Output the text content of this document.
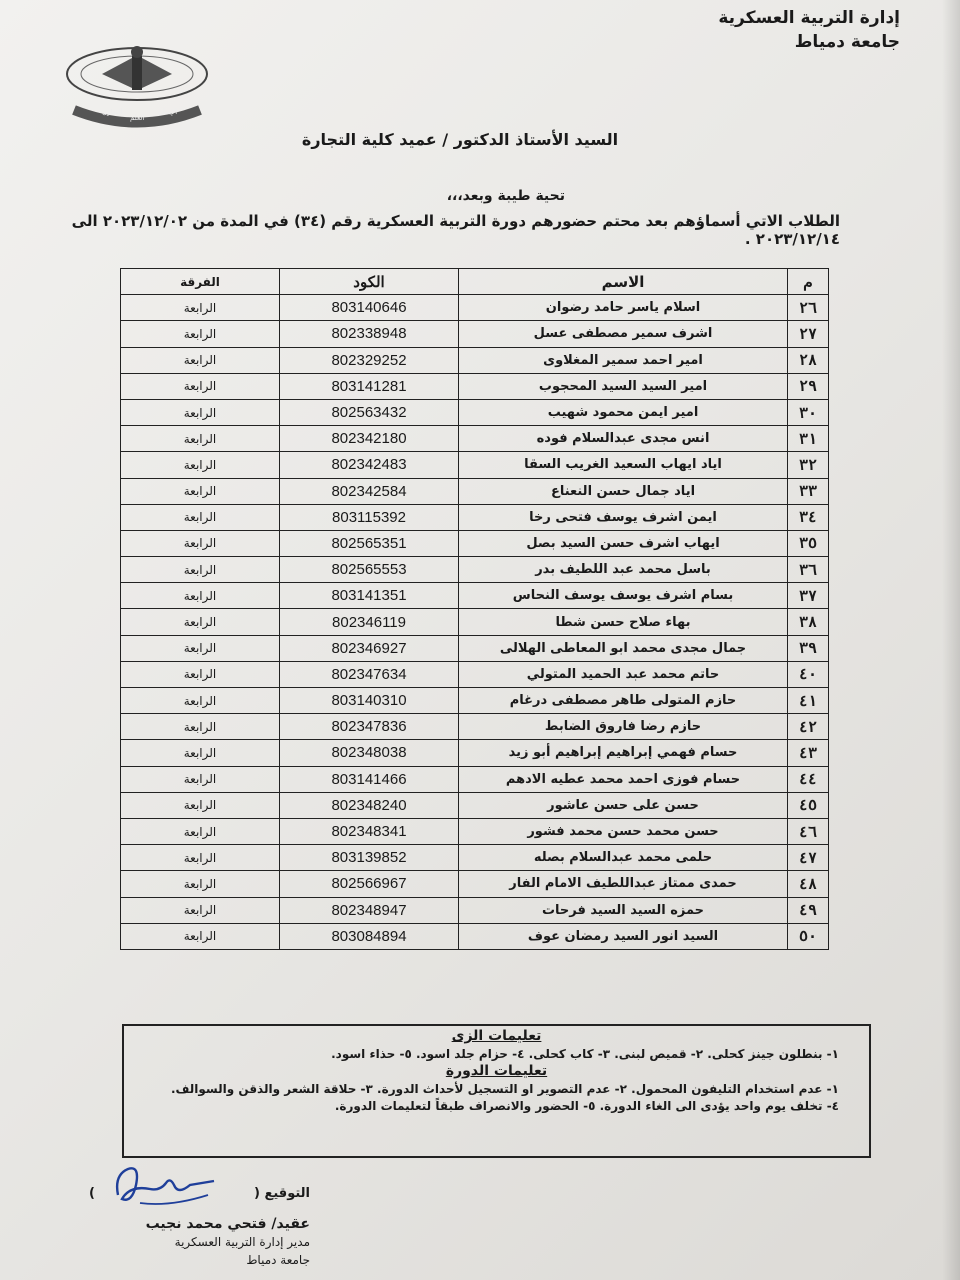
إدارة التربية العسكرية
جامعة دمياط
التعاون
العلم
الإيمان
السيد الأستاذ الدكتور / عميد كلية التجارة
تحية طيبة وبعد،،،
الطلاب الاتي أسماؤهم بعد محتم حضورهم دورة التربية العسكرية رقم (٣٤) في المدة من ٢٠٢٣/١٢/٠٢ الى ٢٠٢٣/١٢/١٤ .
م	الاسم	الكود	الفرقة
٢٦	اسلام ياسر حامد رضوان	803140646	الرابعة
٢٧	اشرف سمير مصطفى عسل	802338948	الرابعة
٢٨	امير احمد سمير المغلاوى	802329252	الرابعة
٢٩	امير السيد السيد المحجوب	803141281	الرابعة
٣٠	امير ايمن محمود شهيب	802563432	الرابعة
٣١	انس مجدى عبدالسلام فوده	802342180	الرابعة
٣٢	اياد ايهاب السعيد الغريب السقا	802342483	الرابعة
٣٣	اياد جمال حسن النعناع	802342584	الرابعة
٣٤	ايمن اشرف يوسف فتحى رخا	803115392	الرابعة
٣٥	ايهاب اشرف حسن السيد بصل	802565351	الرابعة
٣٦	باسل محمد عبد اللطيف بدر	802565553	الرابعة
٣٧	بسام اشرف يوسف يوسف النحاس	803141351	الرابعة
٣٨	بهاء صلاح حسن شطا	802346119	الرابعة
٣٩	جمال مجدى محمد ابو المعاطى الهلالى	802346927	الرابعة
٤٠	حاتم محمد عبد الحميد المتولي	802347634	الرابعة
٤١	حازم المتولى طاهر مصطفى درغام	803140310	الرابعة
٤٢	حازم رضا فاروق الضابط	802347836	الرابعة
٤٣	حسام فهمي إبراهيم إبراهيم أبو زيد	802348038	الرابعة
٤٤	حسام فوزى احمد محمد عطيه الادهم	803141466	الرابعة
٤٥	حسن على حسن عاشور	802348240	الرابعة
٤٦	حسن محمد حسن محمد فشور	802348341	الرابعة
٤٧	حلمى محمد عبدالسلام بصله	803139852	الرابعة
٤٨	حمدى ممتاز عبداللطيف الامام الفار	802566967	الرابعة
٤٩	حمزه السيد السيد فرحات	802348947	الرابعة
٥٠	السيد انور السيد رمضان عوف	803084894	الرابعة
تعليمات الزى
١- بنطلون جينز كحلى. ٢- قميص لبنى. ٣- كاب كحلى. ٤- حزام جلد اسود. ٥- حذاء اسود.
تعليمات الدورة
١- عدم استخدام التليفون المحمول. ٢- عدم التصوير او التسجيل لأحداث الدورة. ٣- حلاقة الشعر والذقن والسوالف.
٤- تخلف يوم واحد يؤدى الى الغاء الدورة. ٥- الحضور والانصراف طبقاً لتعليمات الدورة.
التوقيع (  )
عقيد/ فتحي محمد نجيب
مدير إدارة التربية العسكرية
جامعة دمياط
